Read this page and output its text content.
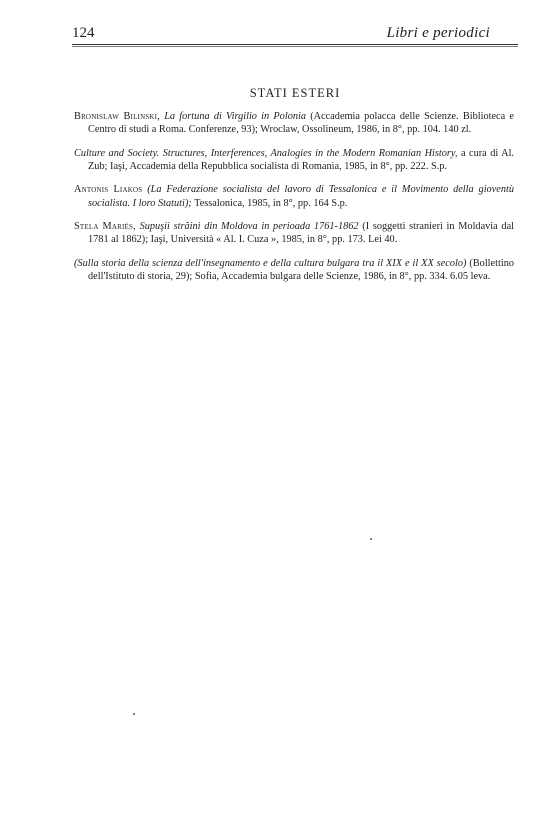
124	Libri e periodici
STATI ESTERI

Bronislaw Bilinski, La fortuna di Virgilio in Polonia (Accademia polacca delle Scienze. Biblioteca e Centro di studi a Roma. Conferenze, 93); Wroclaw, Ossolineum, 1986, in 8°, pp. 104. 140 zl.

Culture and Society. Structures, Interferences, Analogies in the Modern Romanian History, a cura di Al. Zub; Iaşi, Accademia della Repubblica socialista di Romania, 1985, in 8°, pp. 222. S.p.

Antonis Liakos (La Federazione socialista del lavoro di Tessalonica e il Movimento della gioventù socialista. I loro Statuti); Tessalonica, 1985, in 8°, pp. 164 S.p.

Stela Mariés, Supuşii străini din Moldova in perioada 1761-1862 (I soggetti stranieri in Moldavia dal 1781 al 1862); Iaşi, Università « Al. I. Cuza », 1985, in 8°, pp. 173. Lei 40.

(Sulla storia della scienza dell'insegnamento e della cultura bulgara tra il XIX e il XX secolo) (Bollettino dell'Istituto di storia, 29); Sofia, Accademia bulgara delle Scienze, 1986, in 8°, pp. 334. 6.05 leva.
